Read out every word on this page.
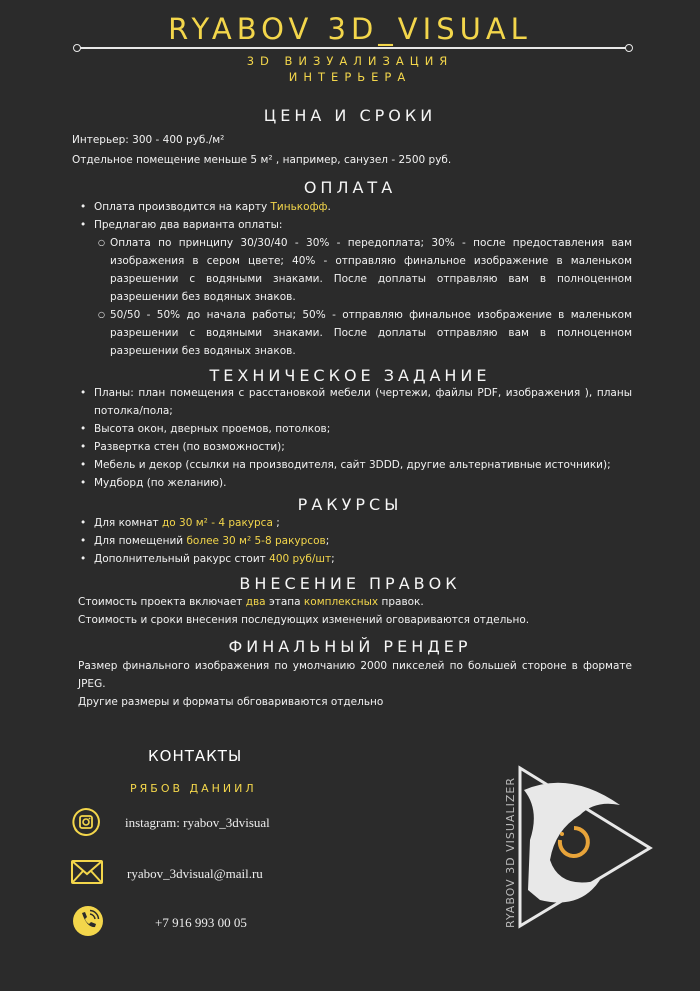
RYABOV 3D_VISUAL
3D ВИЗУАЛИЗАЦИЯ
ИНТЕРЬЕРА
ЦЕНА И СРОКИ
Интерьер: 300 - 400 руб./м²
Отдельное помещение меньше 5 м² , например, санузел - 2500 руб.
ОПЛАТА
• Оплата производится на карту Тинькофф.
• Предлагаю два варианта оплаты:
○ Оплата по принципу 30/30/40 - 30% - передоплата; 30% - после предоставления вам изображения в сером цвете; 40% - отправляю финальное изображение в маленьком разрешении с водяными знаками. После доплаты отправляю вам в полноценном разрешении без водяных знаков.
○ 50/50 - 50% до начала работы; 50% - отправляю финальное изображение в маленьком разрешении с водяными знаками. После доплаты отправляю вам в полноценном разрешении без водяных знаков.
ТЕХНИЧЕСКОЕ ЗАДАНИЕ
• Планы: план помещения с расстановкой мебели (чертежи, файлы PDF, изображения ), планы потолка/пола;
• Высота окон, дверных проемов, потолков;
• Развертка стен (по возможности);
• Мебель и декор (ссылки на производителя, сайт 3DDD, другие альтернативные источники);
• Мудборд (по желанию).
РАКУРСЫ
• Для комнат до 30 м² - 4 ракурса ;
• Для помещений более 30 м² 5-8 ракурсов;
• Дополнительный ракурс стоит 400 руб/шт;
ВНЕСЕНИЕ ПРАВОК
Стоимость проекта включает два этапа комплексных правок.
Стоимость и сроки внесения последующих изменений оговариваются отдельно.
ФИНАЛЬНЫЙ РЕНДЕР
Размер финального изображения по умолчанию 2000 пикселей по большей стороне в формате JPEG.
Другие размеры и форматы обговариваются отдельно
КОНТАКТЫ
РЯБОВ ДАНИИЛ
instagram: ryabov_3dvisual
ryabov_3dvisual@mail.ru
+7 916 993 00 05	RYABOV 3D VISUALIZER
